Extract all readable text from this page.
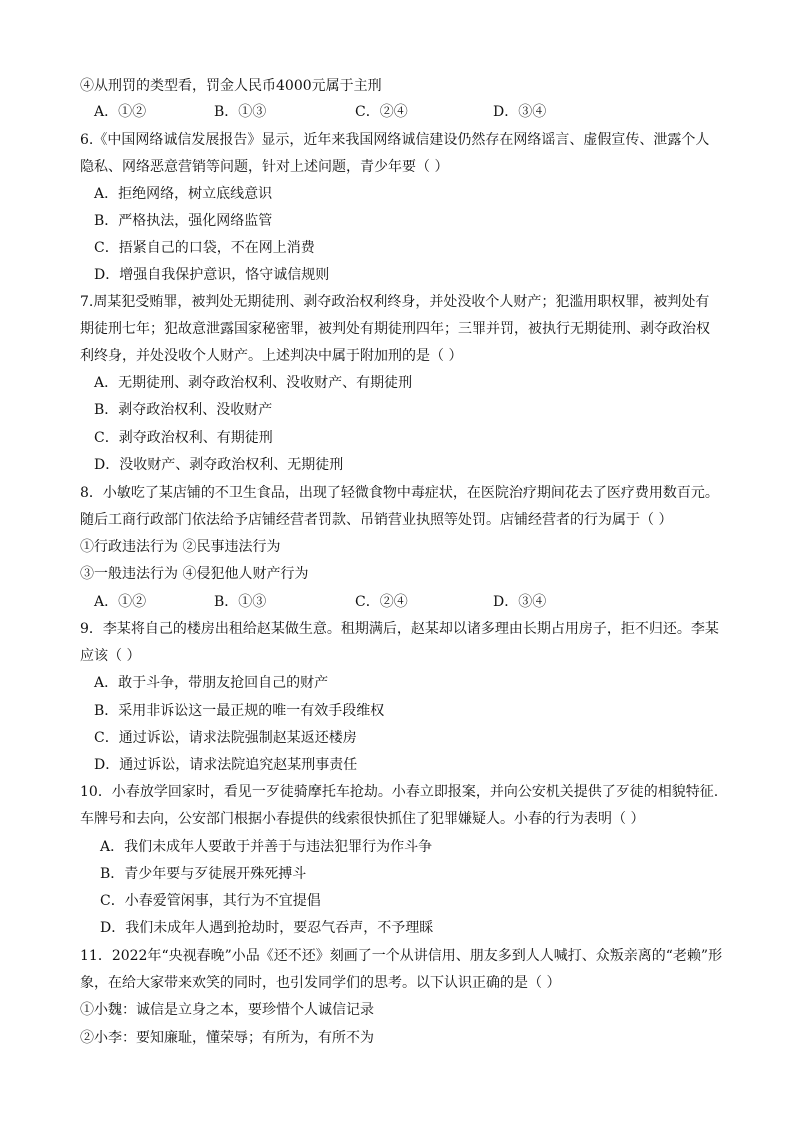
④从刑罚的类型看，罚金人民币4000元属于主刑
A．①②	B．①③	C．②④	D．③④
6.《中国网络诚信发展报告》显示，近年来我国网络诚信建设仍然存在网络谣言、虚假宣传、泄露个人
隐私、网络恶意营销等问题，针对上述问题，青少年要（ ）
A．拒绝网络，树立底线意识
B．严格执法，强化网络监管
C．捂紧自己的口袋，不在网上消费
D．增强自我保护意识，恪守诚信规则
7.周某犯受贿罪，被判处无期徒刑、剥夺政治权利终身，并处没收个人财产；犯滥用职权罪，被判处有
期徒刑七年；犯故意泄露国家秘密罪，被判处有期徒刑四年；三罪并罚，被执行无期徒刑、剥夺政治权
利终身，并处没收个人财产。上述判决中属于附加刑的是（ ）
A．无期徒刑、剥夺政治权利、没收财产、有期徒刑
B．剥夺政治权利、没收财产
C．剥夺政治权利、有期徒刑
D．没收财产、剥夺政治权利、无期徒刑
8．小敏吃了某店铺的不卫生食品，出现了轻微食物中毒症状，在医院治疗期间花去了医疗费用数百元。
随后工商行政部门依法给予店铺经营者罚款、吊销营业执照等处罚。店铺经营者的行为属于（ ）
①行政违法行为 ②民事违法行为
③一般违法行为 ④侵犯他人财产行为
A．①②	B．①③	C．②④	D．③④
9．李某将自己的楼房出租给赵某做生意。租期满后，赵某却以诸多理由长期占用房子，拒不归还。李某
应该（ ）
A．敢于斗争，带朋友抢回自己的财产
B．采用非诉讼这一最正规的唯一有效手段维权
C．通过诉讼，请求法院强制赵某返还楼房
D．通过诉讼，请求法院追究赵某刑事责任
10．小春放学回家时，看见一歹徒骑摩托车抢劫。小春立即报案，并向公安机关提供了歹徒的相貌特征.
车牌号和去向，公安部门根据小春提供的线索很快抓住了犯罪嫌疑人。小春的行为表明（ ）
A．我们未成年人要敢于并善于与违法犯罪行为作斗争
B．青少年要与歹徒展开殊死搏斗
C．小春爱管闲事，其行为不宜提倡
D．我们未成年人遇到抢劫时，要忍气吞声，不予理睬
11．2022年“央视春晚”小品《还不还》刻画了一个从讲信用、朋友多到人人喊打、众叛亲离的“老赖”形
象，在给大家带来欢笑的同时，也引发同学们的思考。以下认识正确的是（ ）
①小魏：诚信是立身之本，要珍惜个人诚信记录
②小李：要知廉耻，懂荣辱；有所为，有所不为
